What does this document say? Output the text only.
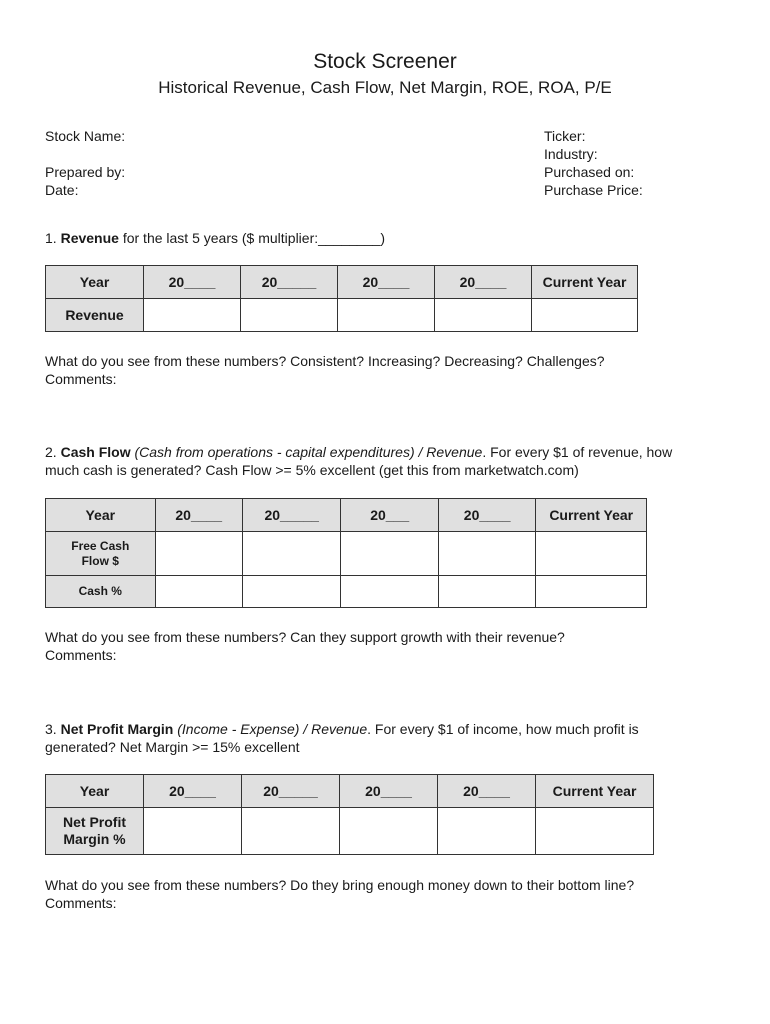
Stock Screener
Historical Revenue, Cash Flow, Net Margin, ROE, ROA, P/E
Stock Name:
Prepared by:
Date:
Ticker:
Industry:
Purchased on:
Purchase Price:
1. Revenue for the last 5 years ($ multiplier:________)
Year	20____	20_____	20____	20____	Current Year
Revenue					
What do you see from these numbers? Consistent? Increasing? Decreasing? Challenges?
Comments:
2. Cash Flow (Cash from operations - capital expenditures) / Revenue. For every $1 of revenue, how
much cash is generated? Cash Flow >= 5% excellent (get this from marketwatch.com)
Year	20____	20_____	20___	20____	Current Year
Free Cash Flow $					
Cash %					
What do you see from these numbers? Can they support growth with their revenue?
Comments:
3. Net Profit Margin (Income - Expense) / Revenue. For every $1 of income, how much profit is
generated? Net Margin >= 15% excellent
Year	20____	20_____	20____	20____	Current Year
Net Profit Margin %					
What do you see from these numbers? Do they bring enough money down to their bottom line?
Comments:
